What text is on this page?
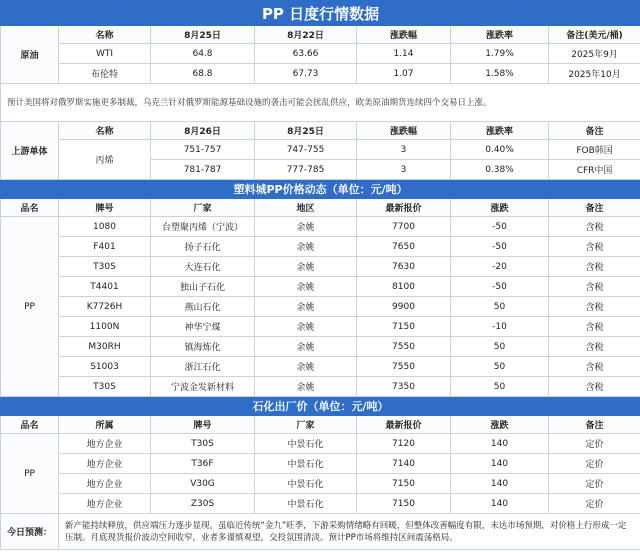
PP 日度行情数据						
原油	名称	8月25日	8月22日	涨跌幅	涨跌率	备注(美元/桶)
	WTI	64.8	63.66	1.14	1.79%	2025年9月
	布伦特	68.8	67.73	1.07	1.58%	2025年10月
预计美国将对俄罗斯实施更多制裁，乌克兰针对俄罗斯能源基础设施的袭击可能会扰乱供应，欧美原油期货连续四个交易日上涨。						
上游单体	名称	8月26日	8月25日	涨跌幅	涨跌率	备注
	丙烯	751-757	747-755	3	0.40%	FOB韩国
		781-787	777-785	3	0.38%	CFR中国
塑料城PP价格动态（单位：元/吨）						
品名	牌号	厂家	地区	最新报价	涨跌	备注
PP	1080	台塑聚丙烯（宁波）	余姚	7700	-50	含税
	F401	扬子石化	余姚	7650	-50	含税
	T30S	大连石化	余姚	7630	-20	含税
	T4401	独山子石化	余姚	8100	-50	含税
	K7726H	燕山石化	余姚	9900	50	含税
	1100N	神华宁煤	余姚	7150	-10	含税
	M30RH	镇海炼化	余姚	7550	50	含税
	S1003	浙江石化	余姚	7550	50	含税
	T30S	宁波金发新材料	余姚	7350	50	含税
石化出厂价（单位：元/吨）						
品名	所属	牌号	厂家	最新报价	涨跌	备注
PP	地方企业	T30S	中景石化	7120	140	定价
	地方企业	T36F	中景石化	7140	140	定价
	地方企业	V30G	中景石化	7150	140	定价
	地方企业	Z30S	中景石化	7150	140	定价
今日预测：	新产能持续释放，供应端压力逐步显现。虽临近传统“金九”旺季，下游采购情绪略有回暖，但整体改善幅度有限，未达市场预期，对价格上行形成一定压制。月底现货报价波动空间收窄，业者多谨慎观望，交投氛围清淡。预计PP市场将维持区间震荡格局。					
